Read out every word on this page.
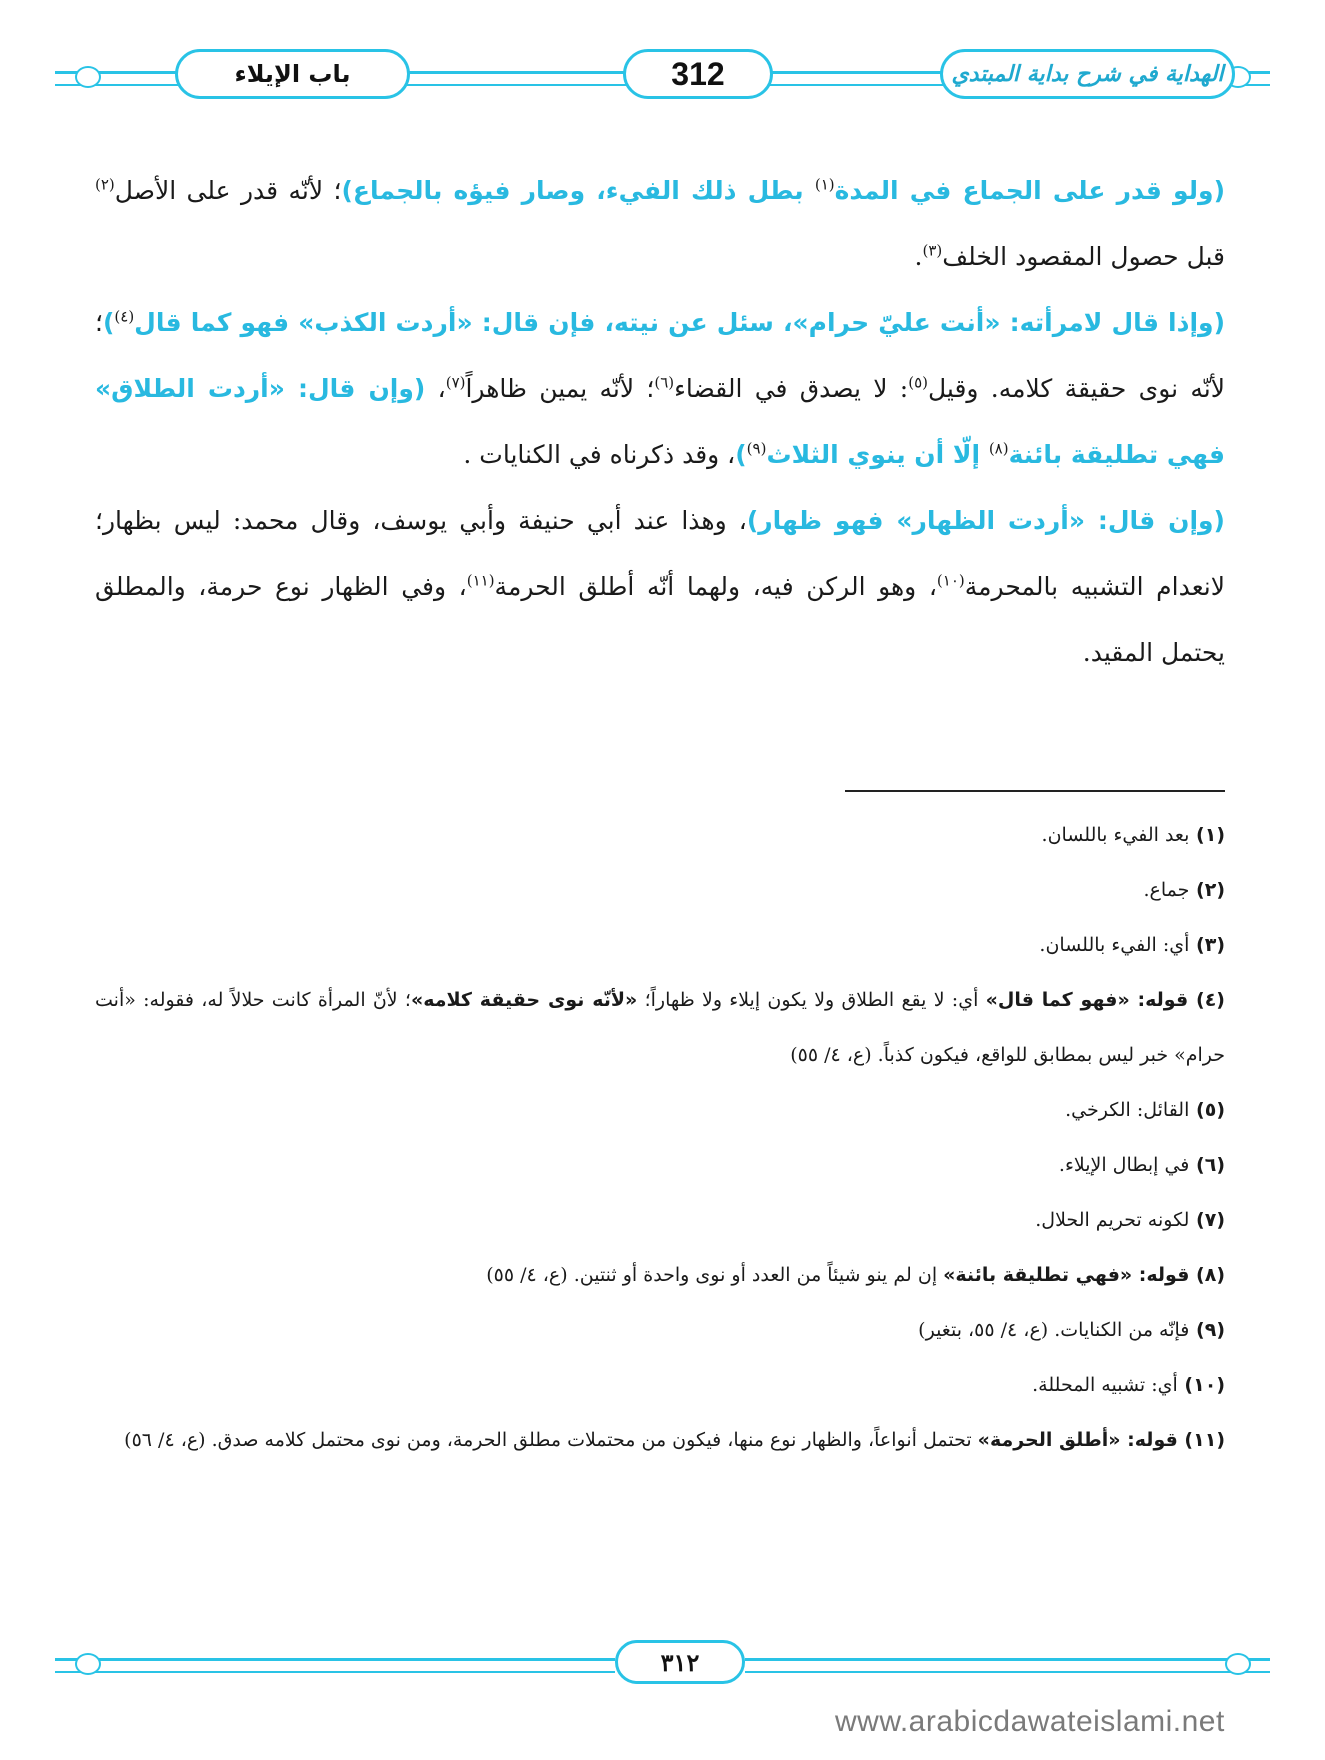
باب الإيلاء	312	الهداية في شرح بداية المبتدي

(ولو قدر على الجماع في المدة$^{(١)}$ بطل ذلك الفيء، وصار فيؤه بالجماع)؛ لأنّه قدر على الأصل$^{(٢)}$ قبل حصول المقصود الخلف$^{(٣)}$.

(وإذا قال لامرأته: «أنت عليّ حرام»، سئل عن نيته، فإن قال: «أردت الكذب» فهو كما قال$^{(٤)}$)؛ لأنّه نوى حقيقة كلامه. وقيل$^{(٥)}$: لا يصدق في القضاء$^{(٦)}$؛ لأنّه يمين ظاهراً$^{(٧)}$، (وإن قال: «أردت الطلاق» فهي تطليقة بائنة$^{(٨)}$ إلّا أن ينوي الثلاث$^{(٩)}$)، وقد ذكرناه في الكنايات .

(وإن قال: «أردت الظهار» فهو ظهار)، وهذا عند أبي حنيفة وأبي يوسف، وقال محمد: ليس بظهار؛ لانعدام التشبيه بالمحرمة$^{(١٠)}$، وهو الركن فيه، ولهما أنّه أطلق الحرمة$^{(١١)}$، وفي الظهار نوع حرمة، والمطلق يحتمل المقيد.

(١) بعد الفيء باللسان.
(٢) جماع.
(٣) أي: الفيء باللسان.
(٤) قوله: «فهو كما قال» أي: لا يقع الطلاق ولا يكون إيلاء ولا ظهاراً؛ «لأنّه نوى حقيقة كلامه»؛ لأنّ المرأة كانت حلالاً له، فقوله: «أنت حرام» خبر ليس بمطابق للواقع، فيكون كذباً. (ع، ٤/ ٥٥)
(٥) القائل: الكرخي.
(٦) في إبطال الإيلاء.
(٧) لكونه تحريم الحلال.
(٨) قوله: «فهي تطليقة بائنة» إن لم ينو شيئاً من العدد أو نوى واحدة أو ثنتين. (ع، ٤/ ٥٥)
(٩) فإنّه من الكنايات. (ع، ٤/ ٥٥، بتغير)
(١٠) أي: تشبيه المحللة.
(١١) قوله: «أطلق الحرمة» تحتمل أنواعاً، والظهار نوع منها، فيكون من محتملات مطلق الحرمة، ومن نوى محتمل كلامه صدق. (ع، ٤/ ٥٦)
٣١٢
www.arabicdawateislami.net
